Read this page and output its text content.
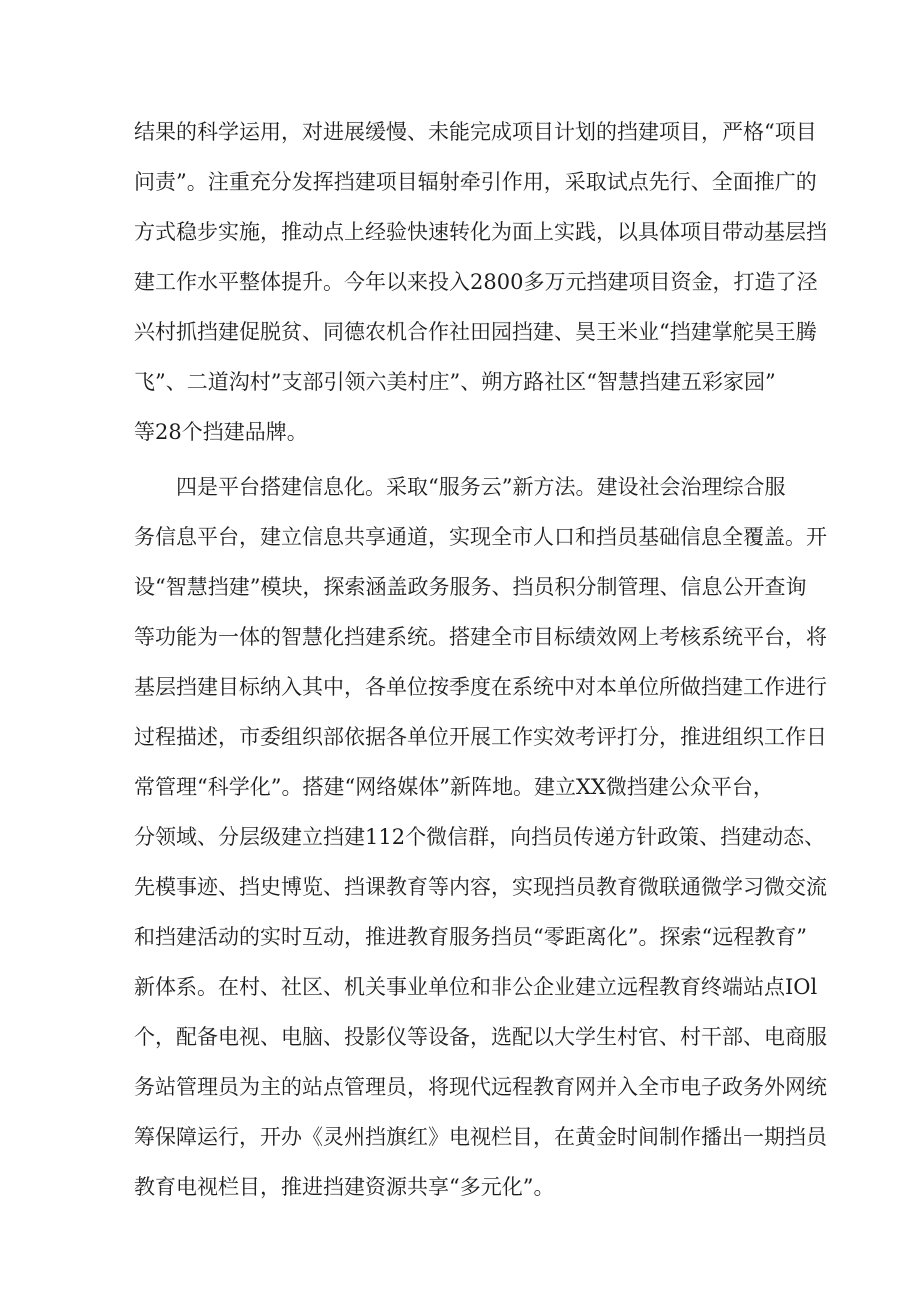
结果的科学运用，对进展缓慢、未能完成项目计划的挡建项目，严格“项目
问责”。注重充分发挥挡建项目辐射牵引作用，采取试点先行、全面推广的
方式稳步实施，推动点上经验快速转化为面上实践，以具体项目带动基层挡
建工作水平整体提升。今年以来投入2800多万元挡建项目资金，打造了泾
兴村抓挡建促脱贫、同德农机合作社田园挡建、昊王米业“挡建掌舵昊王腾
飞”、二道沟村”支部引领六美村庄”、朔方路社区“智慧挡建五彩家园”
等28个挡建品牌。
四是平台搭建信息化。采取“服务云”新方法。建设社会治理综合服
务信息平台，建立信息共享通道，实现全市人口和挡员基础信息全覆盖。开
设“智慧挡建”模块，探索涵盖政务服务、挡员积分制管理、信息公开查询
等功能为一体的智慧化挡建系统。搭建全市目标绩效网上考核系统平台，将
基层挡建目标纳入其中，各单位按季度在系统中对本单位所做挡建工作进行
过程描述，市委组织部依据各单位开展工作实效考评打分，推进组织工作日
常管理“科学化”。搭建“网络媒体”新阵地。建立XX微挡建公众平台，
分领域、分层级建立挡建112个微信群，向挡员传递方针政策、挡建动态、
先模事迹、挡史博览、挡课教育等内容，实现挡员教育微联通微学习微交流
和挡建活动的实时互动，推进教育服务挡员“零距离化”。探索“远程教育”
新体系。在村、社区、机关事业单位和非公企业建立远程教育终端站点IOl
个，配备电视、电脑、投影仪等设备，选配以大学生村官、村干部、电商服
务站管理员为主的站点管理员，将现代远程教育网并入全市电子政务外网统
筹保障运行，开办《灵州挡旗红》电视栏目，在黄金时间制作播出一期挡员
教育电视栏目，推进挡建资源共享“多元化”。
